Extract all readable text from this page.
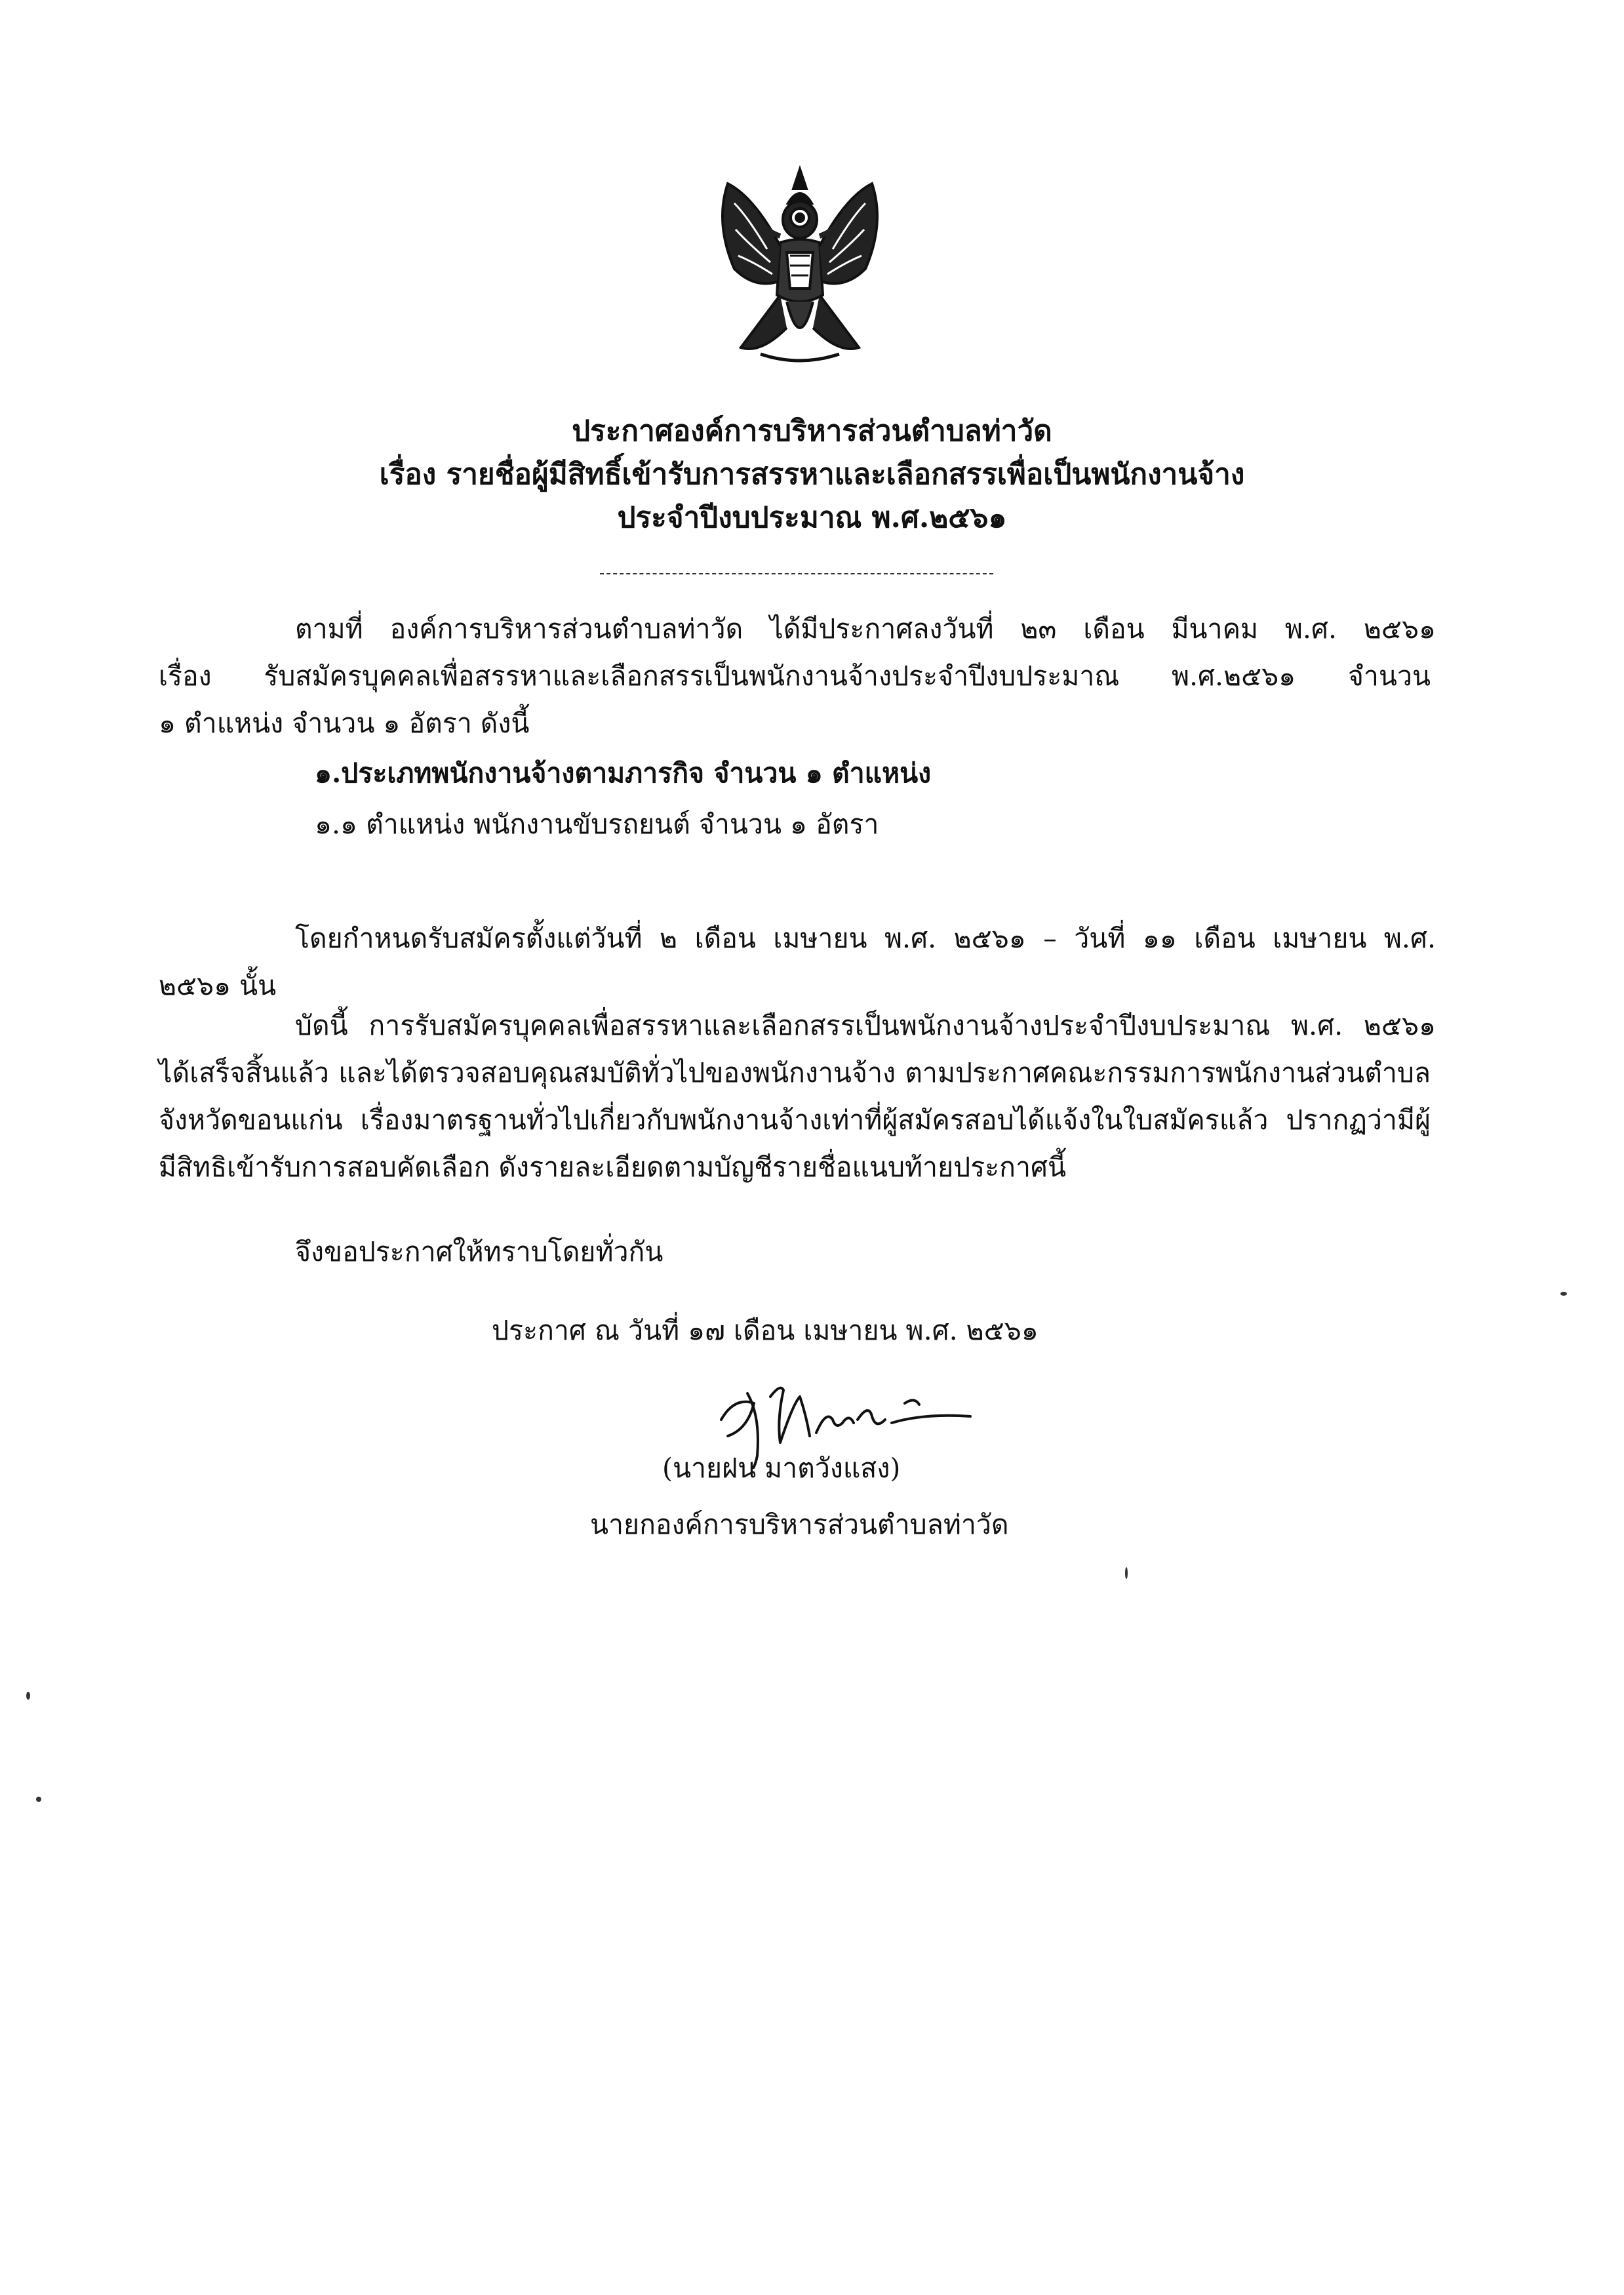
ประกาศองค์การบริหารส่วนตำบลท่าวัด
เรื่อง รายชื่อผู้มีสิทธิ์เข้ารับการสรรหาและเลือกสรรเพื่อเป็นพนักงานจ้าง
ประจำปีงบประมาณ พ.ศ.๒๕๖๑
ตามที่ องค์การบริหารส่วนตำบลท่าวัด ได้มีประกาศลงวันที่ ๒๓ เดือน มีนาคม พ.ศ. ๒๕๖๑
เรื่อง รับสมัครบุคคลเพื่อสรรหาและเลือกสรรเป็นพนักงานจ้างประจำปีงบประมาณ พ.ศ.๒๕๖๑ จำนวน
๑ ตำแหน่ง จำนวน ๑ อัตรา ดังนี้
๑.ประเภทพนักงานจ้างตามภารกิจ จำนวน ๑ ตำแหน่ง
๑.๑ ตำแหน่ง พนักงานขับรถยนต์ จำนวน ๑ อัตรา
โดยกำหนดรับสมัครตั้งแต่วันที่ ๒ เดือน เมษายน พ.ศ. ๒๕๖๑ – วันที่ ๑๑ เดือน เมษายน พ.ศ.
๒๕๖๑ นั้น
บัดนี้ การรับสมัครบุคคลเพื่อสรรหาและเลือกสรรเป็นพนักงานจ้างประจำปีงบประมาณ พ.ศ. ๒๕๖๑
ได้เสร็จสิ้นแล้ว และได้ตรวจสอบคุณสมบัติทั่วไปของพนักงานจ้าง ตามประกาศคณะกรรมการพนักงานส่วนตำบล
จังหวัดขอนแก่น เรื่องมาตรฐานทั่วไปเกี่ยวกับพนักงานจ้างเท่าที่ผู้สมัครสอบได้แจ้งในใบสมัครแล้ว ปรากฏว่ามีผู้
มีสิทธิเข้ารับการสอบคัดเลือก ดังรายละเอียดตามบัญชีรายชื่อแนบท้ายประกาศนี้
จึงขอประกาศให้ทราบโดยทั่วกัน
ประกาศ ณ วันที่ ๑๗ เดือน เมษายน พ.ศ. ๒๕๖๑
(นายฝน มาตวังแสง)
นายกองค์การบริหารส่วนตำบลท่าวัด
